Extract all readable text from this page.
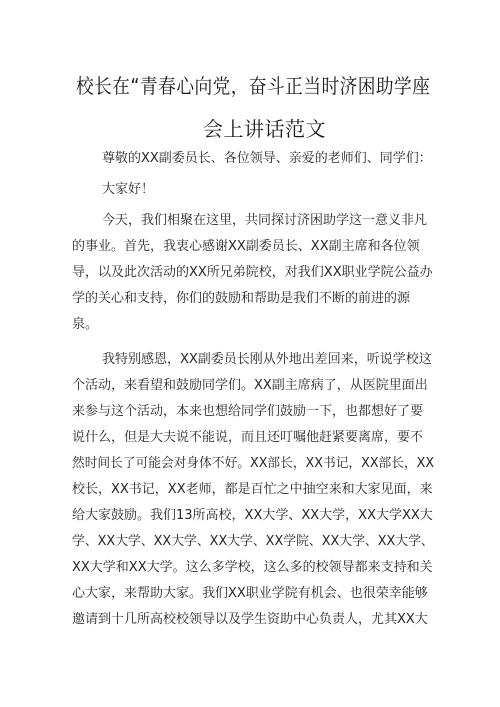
校长在“青春心向党，奋斗正当时济困助学座
会上讲话范文
尊敬的XX副委员长、各位领导、亲爱的老师们、同学们：
大家好！
今天，我们相聚在这里，共同探讨济困助学这一意义非凡
的事业。首先，我衷心感谢XX副委员长、XX副主席和各位领
导，以及此次活动的XX所兄弟院校，对我们XX职业学院公益办
学的关心和支持，你们的鼓励和帮助是我们不断的前进的源
泉。
我特别感恩，XX副委员长刚从外地出差回来，听说学校这
个活动，来看望和鼓励同学们。XX副主席病了，从医院里面出
来参与这个活动，本来也想给同学们鼓励一下，也都想好了要
说什么，但是大夫说不能说，而且还叮嘱他赶紧要离席，要不
然时间长了可能会对身体不好。XX部长，XX书记，XX部长，XX
校长，XX书记，XX老师，都是百忙之中抽空来和大家见面，来
给大家鼓励。我们13所高校，XX大学、XX大学，XX大学XX大
学、XX大学、XX大学、XX大学、XX学院、XX大学、XX大学、
XX大学和XX大学。这么多学校，这么多的校领导都来支持和关
心大家，来帮助大家。我们XX职业学院有机会、也很荣幸能够
邀请到十几所高校校领导以及学生资助中心负责人，尤其XX大
